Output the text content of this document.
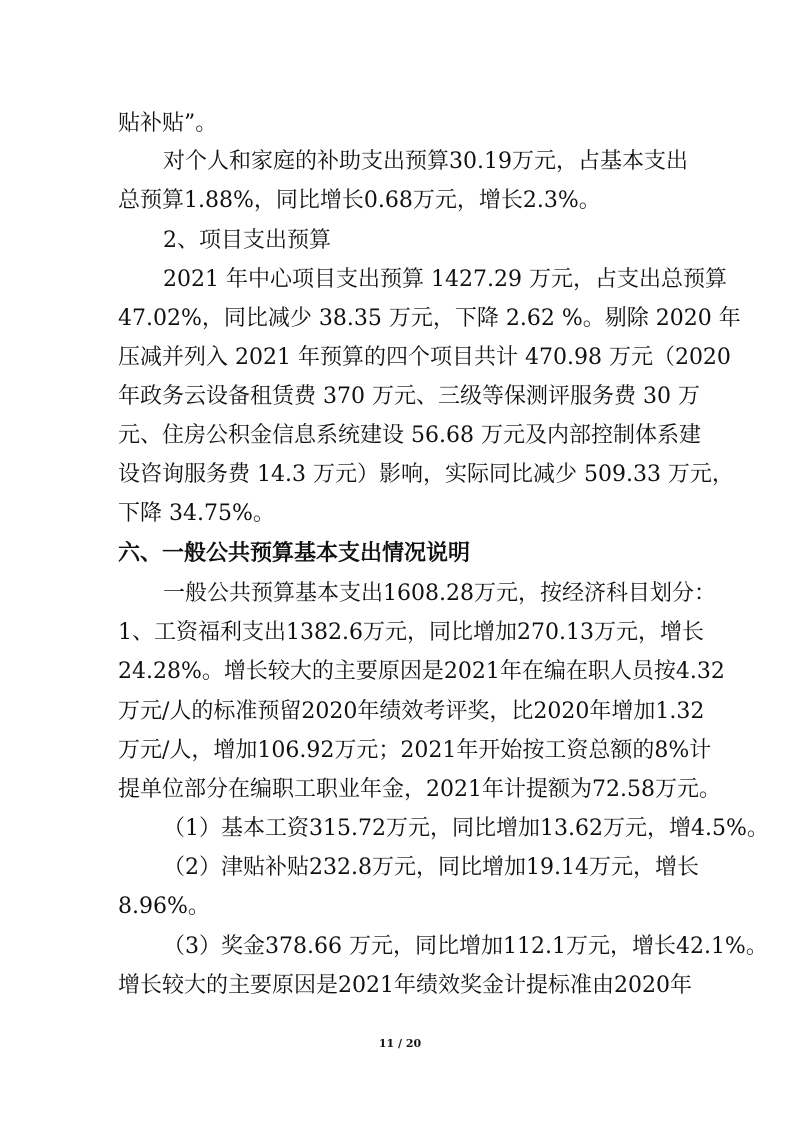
贴补贴”。
对个人和家庭的补助支出预算30.19万元，占基本支出
总预算1.88%，同比增长0.68万元，增长2.3%。
2、项目支出预算
2021 年中心项目支出预算 1427.29 万元，占支出总预算
47.02%，同比减少 38.35 万元，下降 2.62 %。剔除 2020 年
压减并列入 2021 年预算的四个项目共计 470.98 万元（2020
年政务云设备租赁费 370 万元、三级等保测评服务费 30 万
元、住房公积金信息系统建设 56.68 万元及内部控制体系建
设咨询服务费 14.3 万元）影响，实际同比减少 509.33 万元，
下降 34.75%。
六、一般公共预算基本支出情况说明
一般公共预算基本支出1608.28万元，按经济科目划分：
1、工资福利支出1382.6万元，同比增加270.13万元，增长
24.28%。增长较大的主要原因是2021年在编在职人员按4.32
万元/人的标准预留2020年绩效考评奖，比2020年增加1.32
万元/人，增加106.92万元；2021年开始按工资总额的8%计
提单位部分在编职工职业年金，2021年计提额为72.58万元。
（1）基本工资315.72万元，同比增加13.62万元，增4.5%。
（2）津贴补贴232.8万元，同比增加19.14万元，增长
8.96%。
（3）奖金378.66 万元，同比增加112.1万元，增长42.1%。
增长较大的主要原因是2021年绩效奖金计提标准由2020年
11 / 20
